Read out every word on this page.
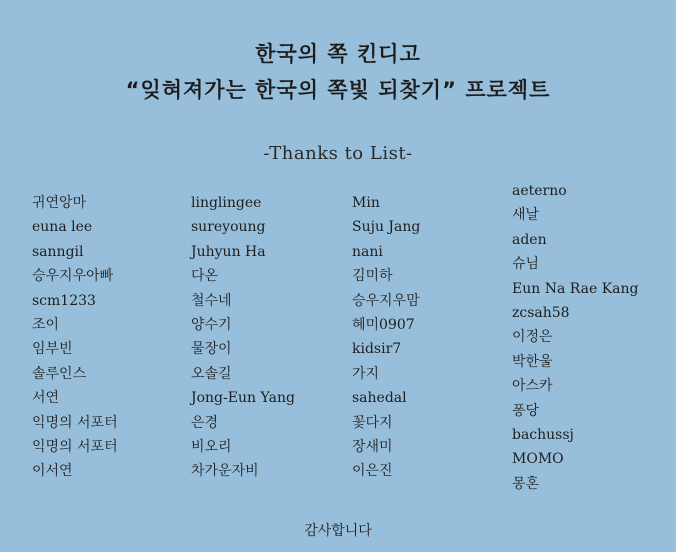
한국의 쪽 킨디고
“잊혀져가는 한국의 쪽빛 되찾기” 프로젝트
-Thanks to List-
귀연앙마
euna lee
sanngil
승우지우아빠
scm1233
조이
임부빈
솔루인스
서연
익명의 서포터
익명의 서포터
이서연
linglingee
sureyoung
Juhyun Ha
다온
철수네
양수기
물장이
오솔길
Jong-Eun Yang
은경
비오리
차가운자비
Min
Suju Jang
nani
김미하
승우지우맘
혜미0907
kidsir7
가지
sahedal
꽃다지
장새미
이은진
aeterno
새날
aden
슈님
Eun Na Rae Kang
zcsah58
이정은
박한울
아스카
퐁당
bachussj
MOMO
몽혼
감사합니다
